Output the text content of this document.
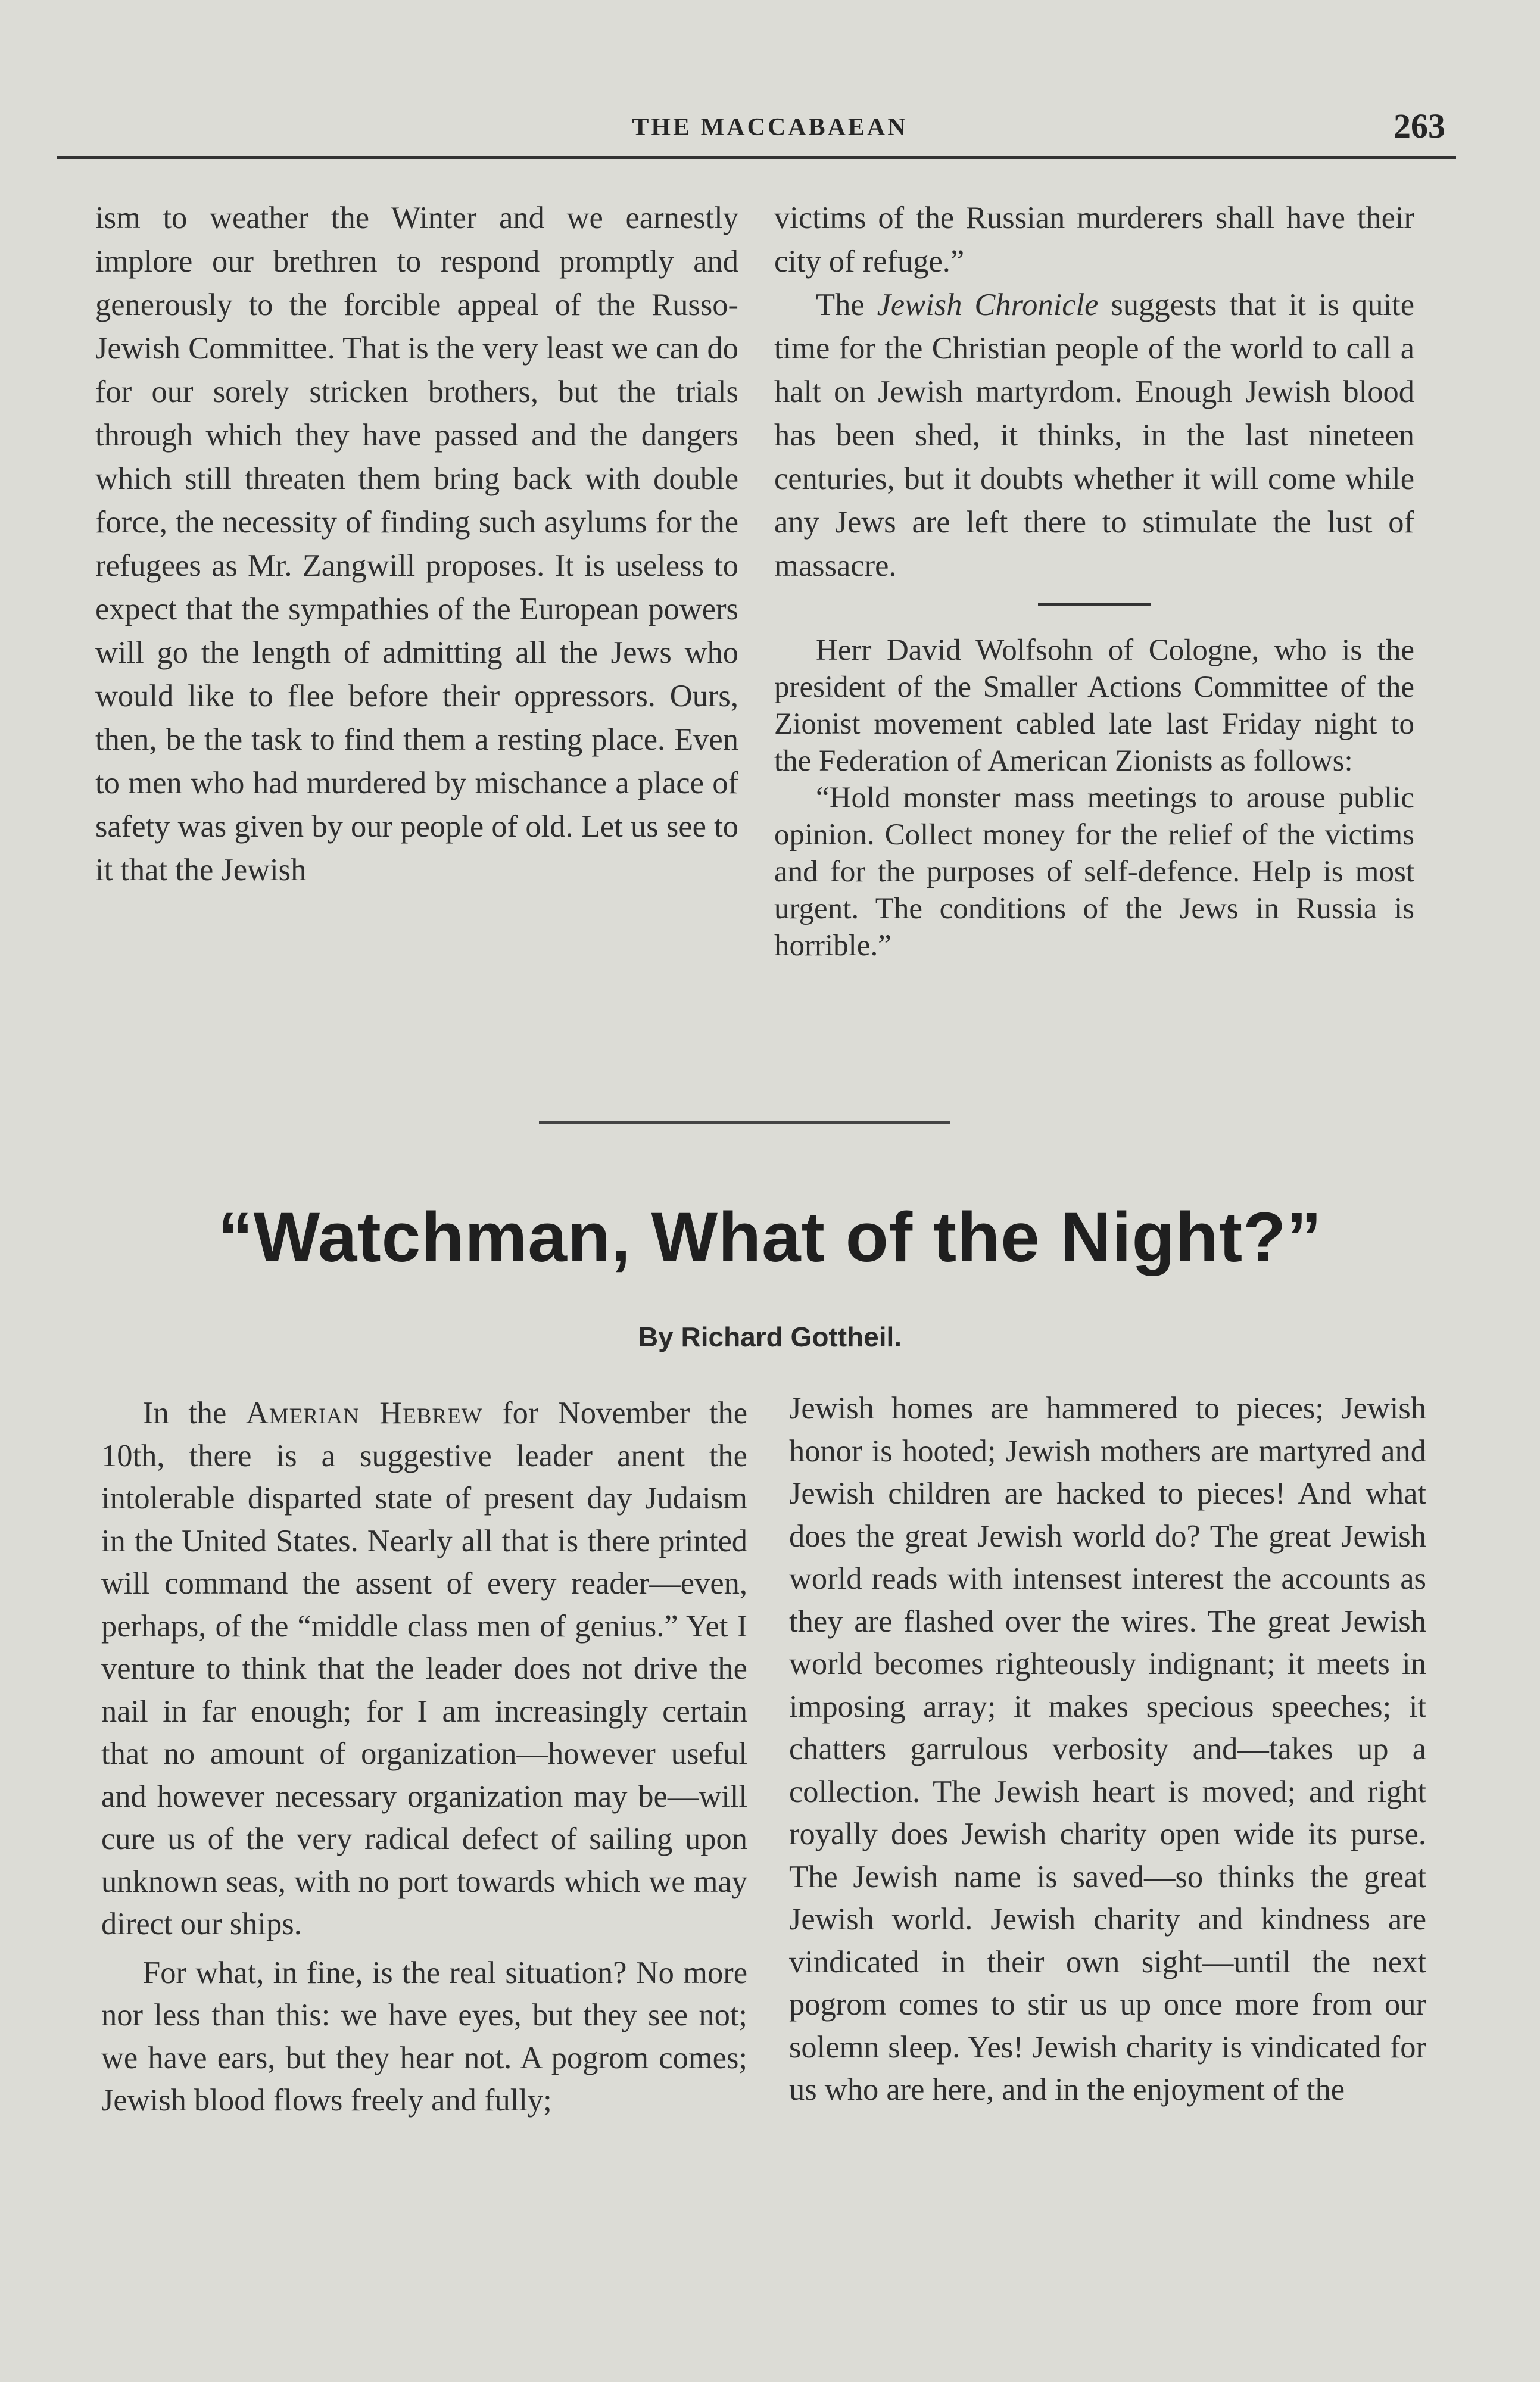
THE MACCABAEAN	263

ism to weather the Winter and we earnestly implore our brethren to respond promptly and generously to the forcible appeal of the Russo-Jewish Committee. That is the very least we can do for our sorely stricken brothers, but the trials through which they have passed and the dangers which still threaten them bring back with double force, the necessity of finding such asylums for the refugees as Mr. Zangwill proposes. It is useless to expect that the sympathies of the European powers will go the length of admitting all the Jews who would like to flee before their oppressors. Ours, then, be the task to find them a resting place. Even to men who had murdered by mischance a place of safety was given by our people of old. Let us see to it that the Jewish

victims of the Russian murderers shall have their city of refuge.”

The Jewish Chronicle suggests that it is quite time for the Christian people of the world to call a halt on Jewish martyrdom. Enough Jewish blood has been shed, it thinks, in the last nineteen centuries, but it doubts whether it will come while any Jews are left there to stimulate the lust of massacre.

Herr David Wolfsohn of Cologne, who is the president of the Smaller Actions Committee of the Zionist movement cabled late last Friday night to the Federation of American Zionists as follows:

“Hold monster mass meetings to arouse public opinion. Collect money for the relief of the victims and for the purposes of self-defence. Help is most urgent. The conditions of the Jews in Russia is horrible.”

“Watchman, What of the Night?”
By Richard Gottheil.

In the Amerian Hebrew for November the 10th, there is a suggestive leader anent the intolerable disparted state of present day Judaism in the United States. Nearly all that is there printed will command the assent of every reader—even, perhaps, of the “middle class men of genius.” Yet I venture to think that the leader does not drive the nail in far enough; for I am increasingly certain that no amount of organization—however useful and however necessary organization may be—will cure us of the very radical defect of sailing upon unknown seas, with no port towards which we may direct our ships.

For what, in fine, is the real situation? No more nor less than this: we have eyes, but they see not; we have ears, but they hear not. A pogrom comes; Jewish blood flows freely and fully;

Jewish homes are hammered to pieces; Jewish honor is hooted; Jewish mothers are martyred and Jewish children are hacked to pieces! And what does the great Jewish world do? The great Jewish world reads with intensest interest the accounts as they are flashed over the wires. The great Jewish world becomes righteously indignant; it meets in imposing array; it makes specious speeches; it chatters garrulous verbosity and—takes up a collection. The Jewish heart is moved; and right royally does Jewish charity open wide its purse. The Jewish name is saved—so thinks the great Jewish world. Jewish charity and kindness are vindicated in their own sight—until the next pogrom comes to stir us up once more from our solemn sleep. Yes! Jewish charity is vindicated for us who are here, and in the enjoyment of the
